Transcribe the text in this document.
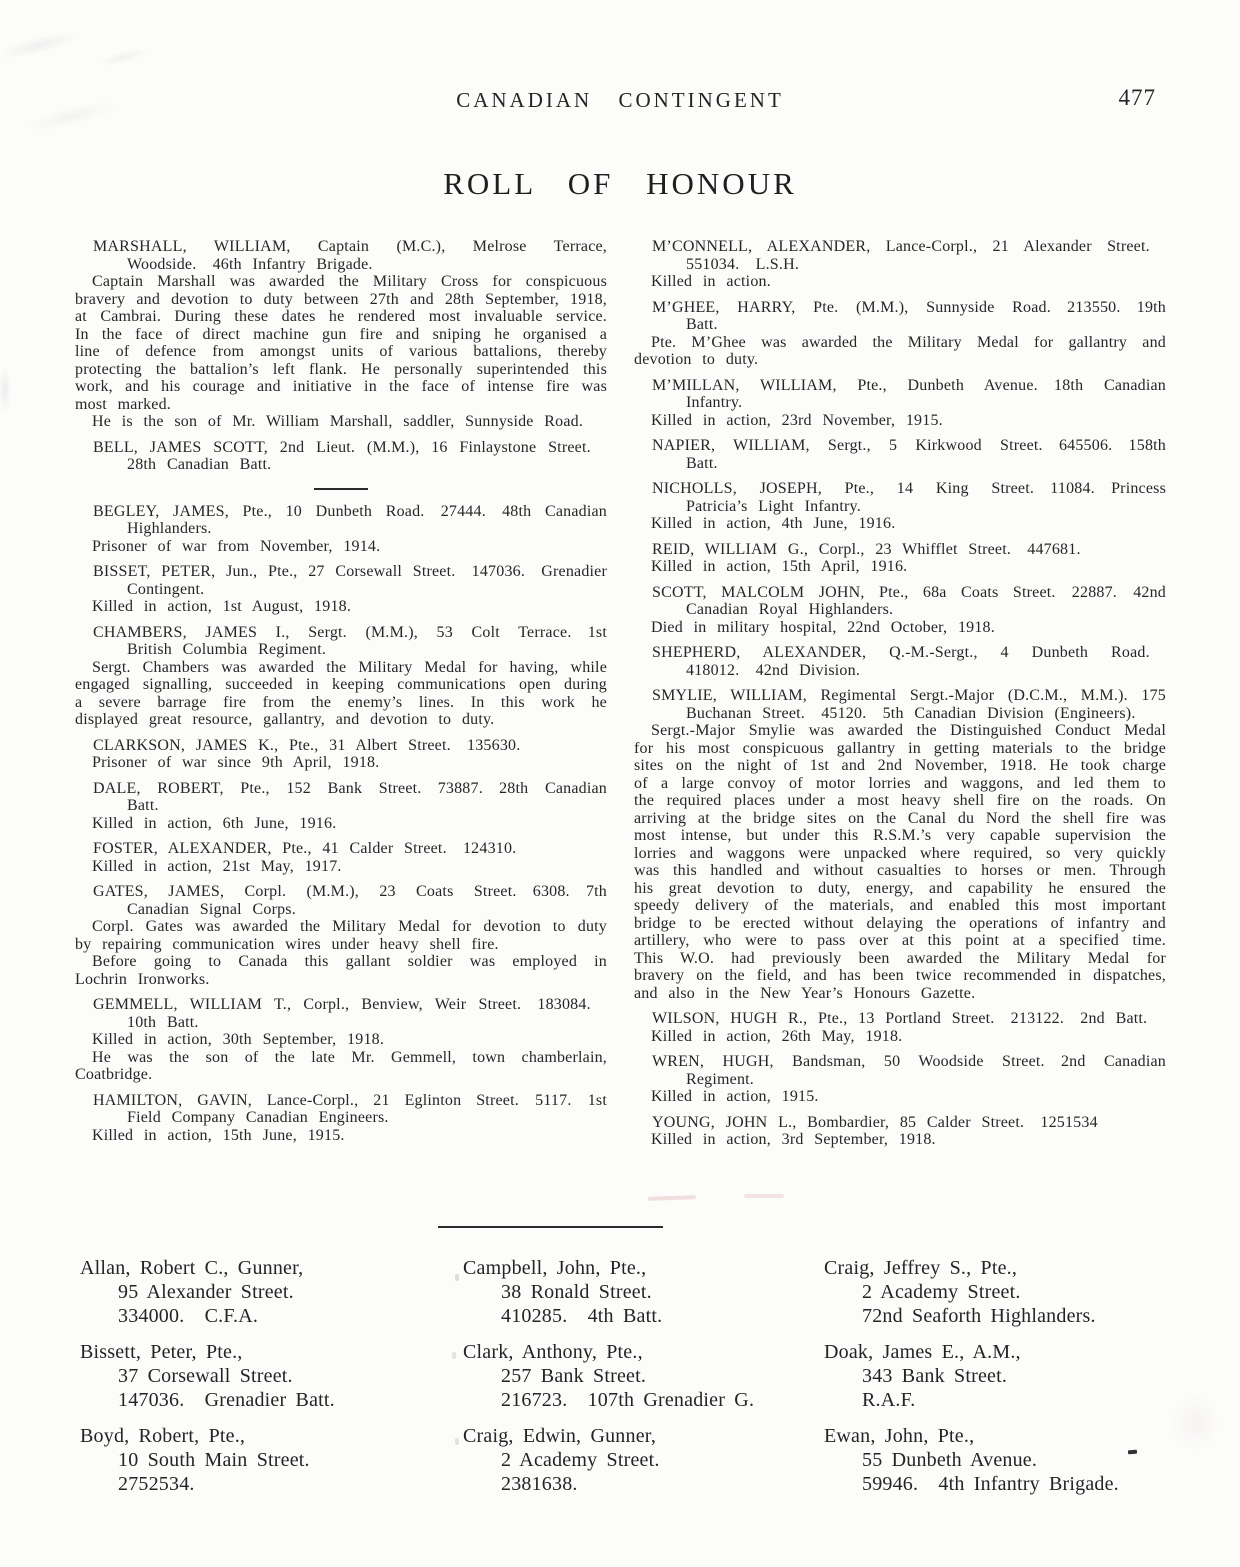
CANADIAN CONTINGENT	477
ROLL OF HONOUR

MARSHALL, WILLIAM, Captain (M.C.), Melrose Terrace, Woodside. 46th Infantry Brigade.

Captain Marshall was awarded the Military Cross for conspicuous bravery and devotion to duty between 27th and 28th September, 1918, at Cambrai. During these dates he rendered most invaluable service. In the face of direct machine gun fire and sniping he organised a line of defence from amongst units of various battalions, thereby protecting the battalion’s left flank. He personally superintended this work, and his courage and initiative in the face of intense fire was most marked.

He is the son of Mr. William Marshall, saddler, Sunnyside Road.

BELL, JAMES SCOTT, 2nd Lieut. (M.M.), 16 Finlaystone Street. 28th Canadian Batt.

BEGLEY, JAMES, Pte., 10 Dunbeth Road. 27444. 48th Canadian Highlanders.

Prisoner of war from November, 1914.

BISSET, PETER, Jun., Pte., 27 Corsewall Street. 147036. Grenadier Contingent.

Killed in action, 1st August, 1918.

CHAMBERS, JAMES I., Sergt. (M.M.), 53 Colt Terrace. 1st British Columbia Regiment.

Sergt. Chambers was awarded the Military Medal for having, while engaged signalling, succeeded in keeping communications open during a severe barrage fire from the enemy’s lines. In this work he displayed great resource, gallantry, and devotion to duty.

CLARKSON, JAMES K., Pte., 31 Albert Street. 135630.

Prisoner of war since 9th April, 1918.

DALE, ROBERT, Pte., 152 Bank Street. 73887. 28th Canadian Batt.

Killed in action, 6th June, 1916.

FOSTER, ALEXANDER, Pte., 41 Calder Street. 124310.

Killed in action, 21st May, 1917.

GATES, JAMES, Corpl. (M.M.), 23 Coats Street. 6308. 7th Canadian Signal Corps.

Corpl. Gates was awarded the Military Medal for devotion to duty by repairing communication wires under heavy shell fire.

Before going to Canada this gallant soldier was employed in Lochrin Ironworks.

GEMMELL, WILLIAM T., Corpl., Benview, Weir Street. 183084. 10th Batt.

Killed in action, 30th September, 1918.

He was the son of the late Mr. Gemmell, town chamberlain, Coatbridge.

HAMILTON, GAVIN, Lance-Corpl., 21 Eglinton Street. 5117. 1st Field Company Canadian Engineers.

Killed in action, 15th June, 1915.

M’CONNELL, ALEXANDER, Lance-Corpl., 21 Alexander Street. 551034. L.S.H.

Killed in action.

M’GHEE, HARRY, Pte. (M.M.), Sunnyside Road. 213550. 19th Batt.

Pte. M’Ghee was awarded the Military Medal for gallantry and devotion to duty.

M’MILLAN, WILLIAM, Pte., Dunbeth Avenue. 18th Canadian Infantry.

Killed in action, 23rd November, 1915.

NAPIER, WILLIAM, Sergt., 5 Kirkwood Street. 645506. 158th Batt.

NICHOLLS, JOSEPH, Pte., 14 King Street. 11084. Princess Patricia’s Light Infantry.

Killed in action, 4th June, 1916.

REID, WILLIAM G., Corpl., 23 Whifflet Street. 447681.

Killed in action, 15th April, 1916.

SCOTT, MALCOLM JOHN, Pte., 68a Coats Street. 22887. 42nd Canadian Royal Highlanders.

Died in military hospital, 22nd October, 1918.

SHEPHERD, ALEXANDER, Q.-M.-Sergt., 4 Dunbeth Road. 418012. 42nd Division.

SMYLIE, WILLIAM, Regimental Sergt.-Major (D.C.M., M.M.). 175 Buchanan Street. 45120. 5th Canadian Division (Engineers).

Sergt.-Major Smylie was awarded the Distinguished Conduct Medal for his most conspicuous gallantry in getting materials to the bridge sites on the night of 1st and 2nd November, 1918. He took charge of a large convoy of motor lorries and waggons, and led them to the required places under a most heavy shell fire on the roads. On arriving at the bridge sites on the Canal du Nord the shell fire was most intense, but under this R.S.M.’s very capable supervision the lorries and waggons were unpacked where required, so very quickly was this handled and without casualties to horses or men. Through his great devotion to duty, energy, and capability he ensured the speedy delivery of the materials, and enabled this most important bridge to be erected without delaying the operations of infantry and artillery, who were to pass over at this point at a specified time. This W.O. had previously been awarded the Military Medal for bravery on the field, and has been twice recommended in dispatches, and also in the New Year’s Honours Gazette.

WILSON, HUGH R., Pte., 13 Portland Street. 213122. 2nd Batt.

Killed in action, 26th May, 1918.

WREN, HUGH, Bandsman, 50 Woodside Street. 2nd Canadian Regiment.

Killed in action, 1915.

YOUNG, JOHN L., Bombardier, 85 Calder Street. 1251534

Killed in action, 3rd September, 1918.

Allan, Robert C., Gunner,

95 Alexander Street.

334000. C.F.A.

Bissett, Peter, Pte.,

37 Corsewall Street.

147036. Grenadier Batt.

Boyd, Robert, Pte.,

10 South Main Street.

2752534.

Campbell, John, Pte.,

38 Ronald Street.

410285. 4th Batt.

Clark, Anthony, Pte.,

257 Bank Street.

216723. 107th Grenadier G.

Craig, Edwin, Gunner,

2 Academy Street.

2381638.

Craig, Jeffrey S., Pte.,

2 Academy Street.

72nd Seaforth Highlanders.

Doak, James E., A.M.,

343 Bank Street.

R.A.F.

Ewan, John, Pte.,

55 Dunbeth Avenue.

59946. 4th Infantry Brigade.
